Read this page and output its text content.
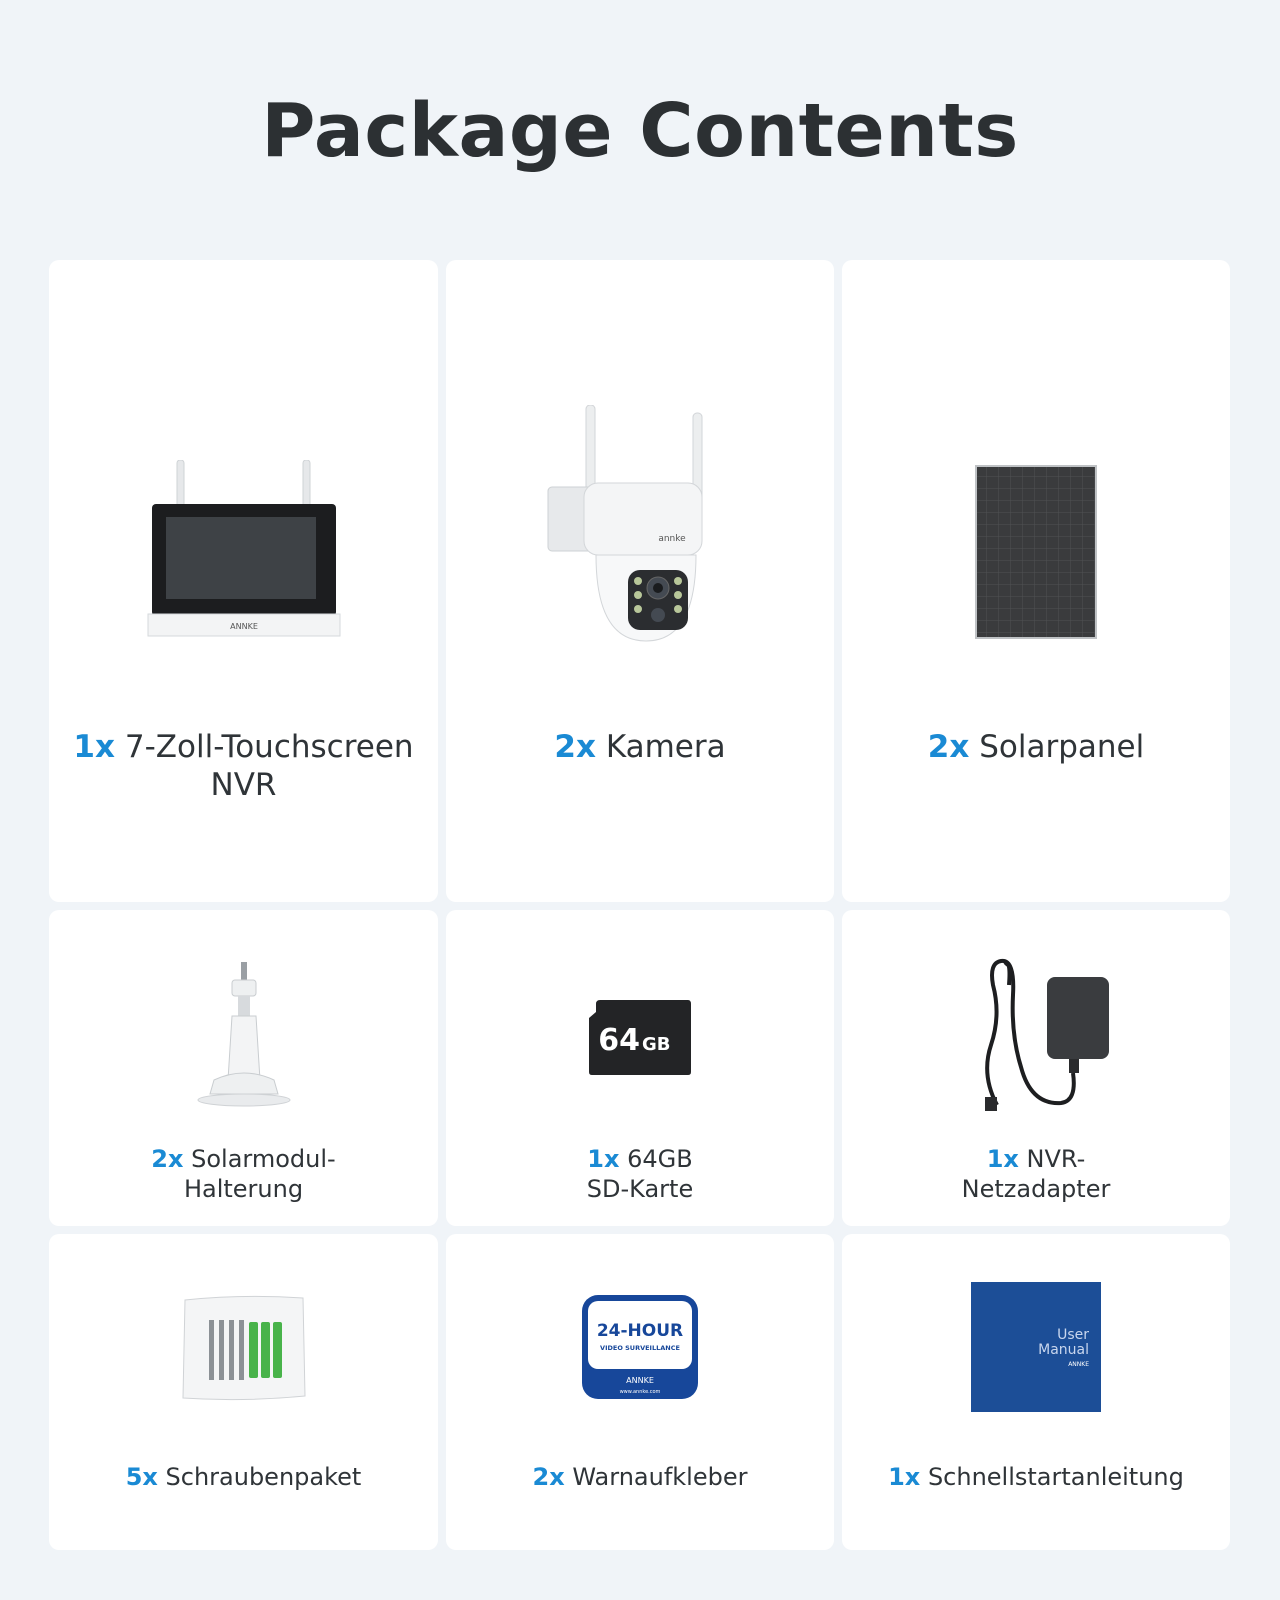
Package Contents
ANNKE
1x 7-Zoll-Touchscreen
NVR
annke
2x Kamera	2x Solarpanel
2x Solarmodul-
Halterung
64 GB
1x 64GB
SD-Karte
1x NVR-
Netzadapter
5x Schraubenpaket
24-HOUR
VIDEO SURVEILLANCE
ANNKE
www.annke.com
2x Warnaufkleber
User
Manual
ANNKE
1x Schnellstartanleitung
